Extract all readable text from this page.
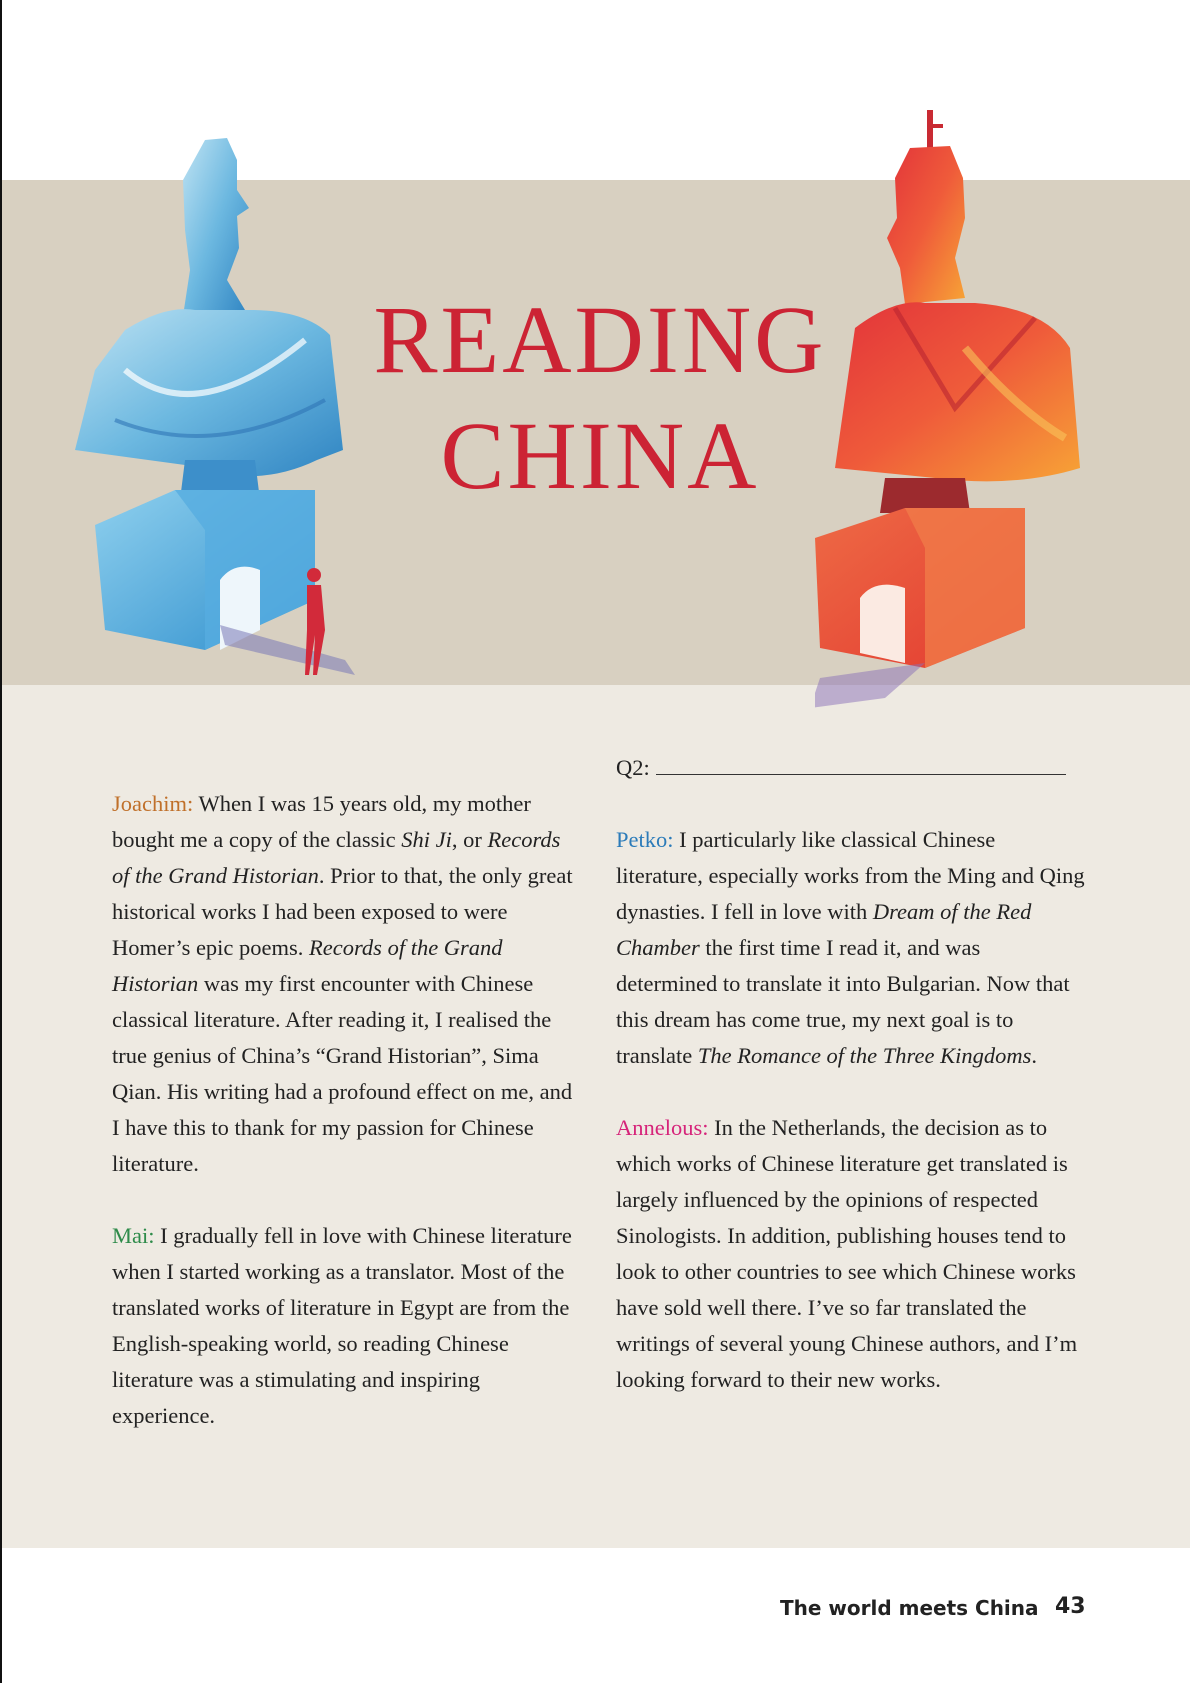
READING
CHINA

Joachim: When I was 15 years old, my mother bought me a copy of the classic Shi Ji, or Records of the Grand Historian. Prior to that, the only great historical works I had been exposed to were Homer’s epic poems. Records of the Grand Historian was my first encounter with Chinese classical literature. After reading it, I realised the true genius of China’s “Grand Historian”, Sima Qian. His writing had a profound effect on me, and I have this to thank for my passion for Chinese literature.

Mai: I gradually fell in love with Chinese literature when I started working as a translator. Most of the translated works of literature in Egypt are from the English-speaking world, so reading Chinese literature was a stimulating and inspiring experience.

Q2:

Petko: I particularly like classical Chinese literature, especially works from the Ming and Qing dynasties. I fell in love with Dream of the Red Chamber the first time I read it, and was determined to translate it into Bulgarian. Now that this dream has come true, my next goal is to translate The Romance of the Three Kingdoms.

Annelous: In the Netherlands, the decision as to which works of Chinese literature get translated is largely influenced by the opinions of respected Sinologists. In addition, publishing houses tend to look to other countries to see which Chinese works have sold well there. I’ve so far translated the writings of several young Chinese authors, and I’m looking forward to their new works.

The world meets China 43
